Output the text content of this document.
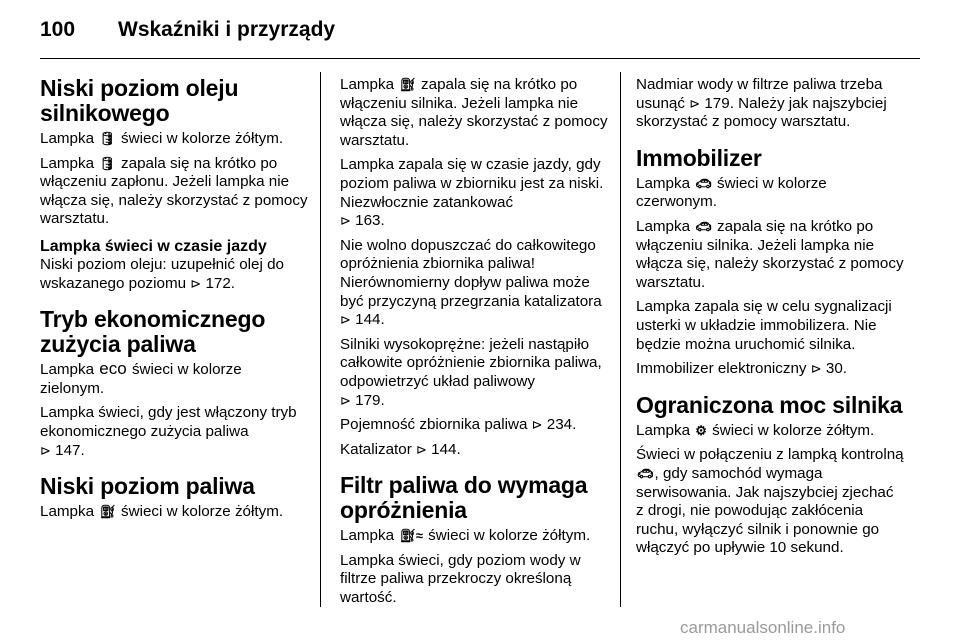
100 Wskaźniki i przyrządy
Niski poziom oleju silnikowego

Lampka 🛢︎ świeci w kolorze żółtym.

Lampka 🛢︎ zapala się na krótko po włączeniu zapłonu. Jeżeli lampka nie włącza się, należy skorzystać z pomocy warsztatu.

Lampka świeci w czasie jazdy

Niski poziom oleju: uzupełnić olej do wskazanego poziomu ⊳ 172.

Tryb ekonomicznego zużycia paliwa

Lampka eco świeci w kolorze zielonym.

Lampka świeci, gdy jest włączony tryb ekonomicznego zużycia paliwa
⊳ 147.

Niski poziom paliwa

Lampka ⛽︎ świeci w kolorze żółtym.

Lampka ⛽︎ zapala się na krótko po włączeniu silnika. Jeżeli lampka nie włącza się, należy skorzystać z pomocy warsztatu.

Lampka zapala się w czasie jazdy, gdy poziom paliwa w zbiorniku jest za niski. Niezwłocznie zatankować
⊳ 163.

Nie wolno dopuszczać do całkowitego opróżnienia zbiornika paliwa! Nierównomierny dopływ paliwa może być przyczyną przegrzania katalizatora ⊳ 144.

Silniki wysokoprężne: jeżeli nastąpiło całkowite opróżnienie zbiornika paliwa, odpowietrzyć układ paliwowy
⊳ 179.

Pojemność zbiornika paliwa ⊳ 234.

Katalizator ⊳ 144.

Filtr paliwa do wymaga opróżnienia

Lampka ⛽︎≈ świeci w kolorze żółtym.

Lampka świeci, gdy poziom wody w filtrze paliwa przekroczy określoną wartość.

Nadmiar wody w filtrze paliwa trzeba usunąć ⊳ 179. Należy jak najszybciej skorzystać z pomocy warsztatu.

Immobilizer

Lampka 🚗︎ świeci w kolorze czerwonym.

Lampka 🚗︎ zapala się na krótko po włączeniu silnika. Jeżeli lampka nie włącza się, należy skorzystać z pomocy warsztatu.

Lampka zapala się w celu sygnalizacji usterki w układzie immobilizera. Nie będzie można uruchomić silnika.

Immobilizer elektroniczny ⊳ 30.

Ograniczona moc silnika

Lampka ⚙︎ świeci w kolorze żółtym.

Świeci w połączeniu z lampką kontrolną 🚗︎, gdy samochód wymaga serwisowania. Jak najszybciej zjechać z drogi, nie powodując zakłócenia ruchu, wyłączyć silnik i ponownie go włączyć po upływie 10 sekund.

carmanualsonline.info
